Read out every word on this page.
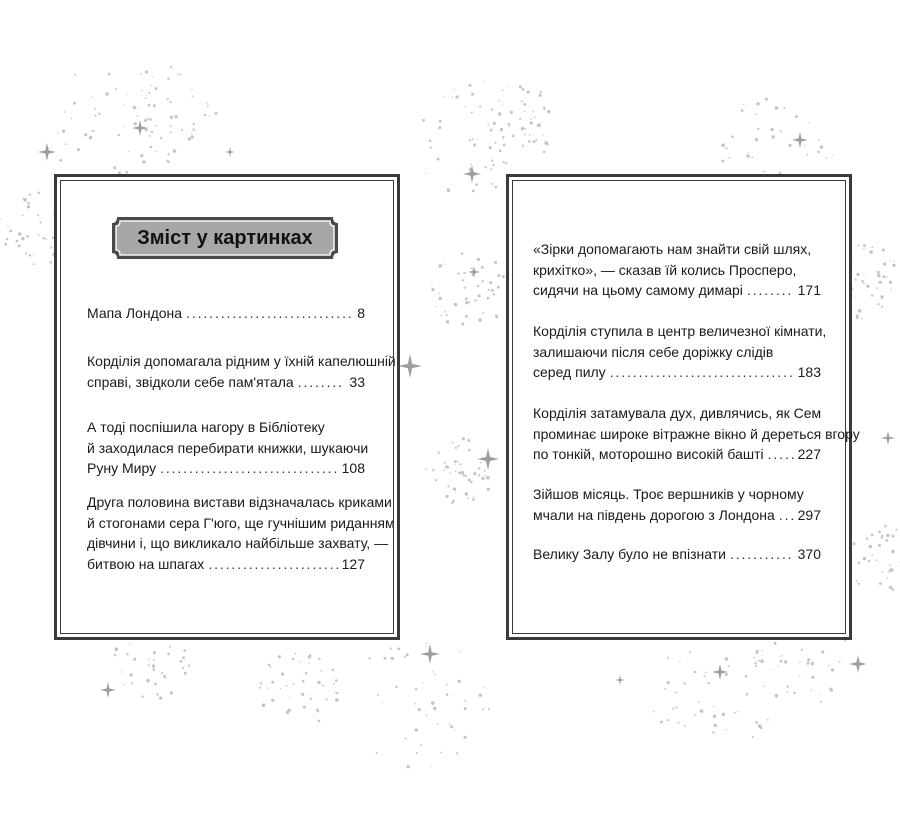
Зміст у картинках
Мапа Лондона . . .	8
Корділія допомагала рідним у їхній капелюшній
справі, звідколи себе пам'ятала . . .	33
А тоді поспішила нагору в Бібліотеку
й заходилася перебирати книжки, шукаючи
Руну Миру . . .	108
Друга половина вистави відзначалась криками
й стогонами сера Г'юго, ще гучнішим риданням
дівчини і, що викликало найбільше захвату, —
битвою на шпагах . . .	127
«Зірки допомагають нам знайти свій шлях,
крихітко», — сказав їй колись Просперо,
сидячи на цьому самому димарі . . .	171
Корділія ступила в центр величезної кімнати,
залишаючи після себе доріжку слідів
серед пилу . . .	183
Корділія затамувала дух, дивлячись, як Сем
проминає широке вітражне вікно й дереться вгору
по тонкій, моторошно високій башті . . . 227
Зійшов місяць. Троє вершників у чорному
мчали на південь дорогою з Лондона . . . 297
Велику Залу було не впізнати . . .	370
